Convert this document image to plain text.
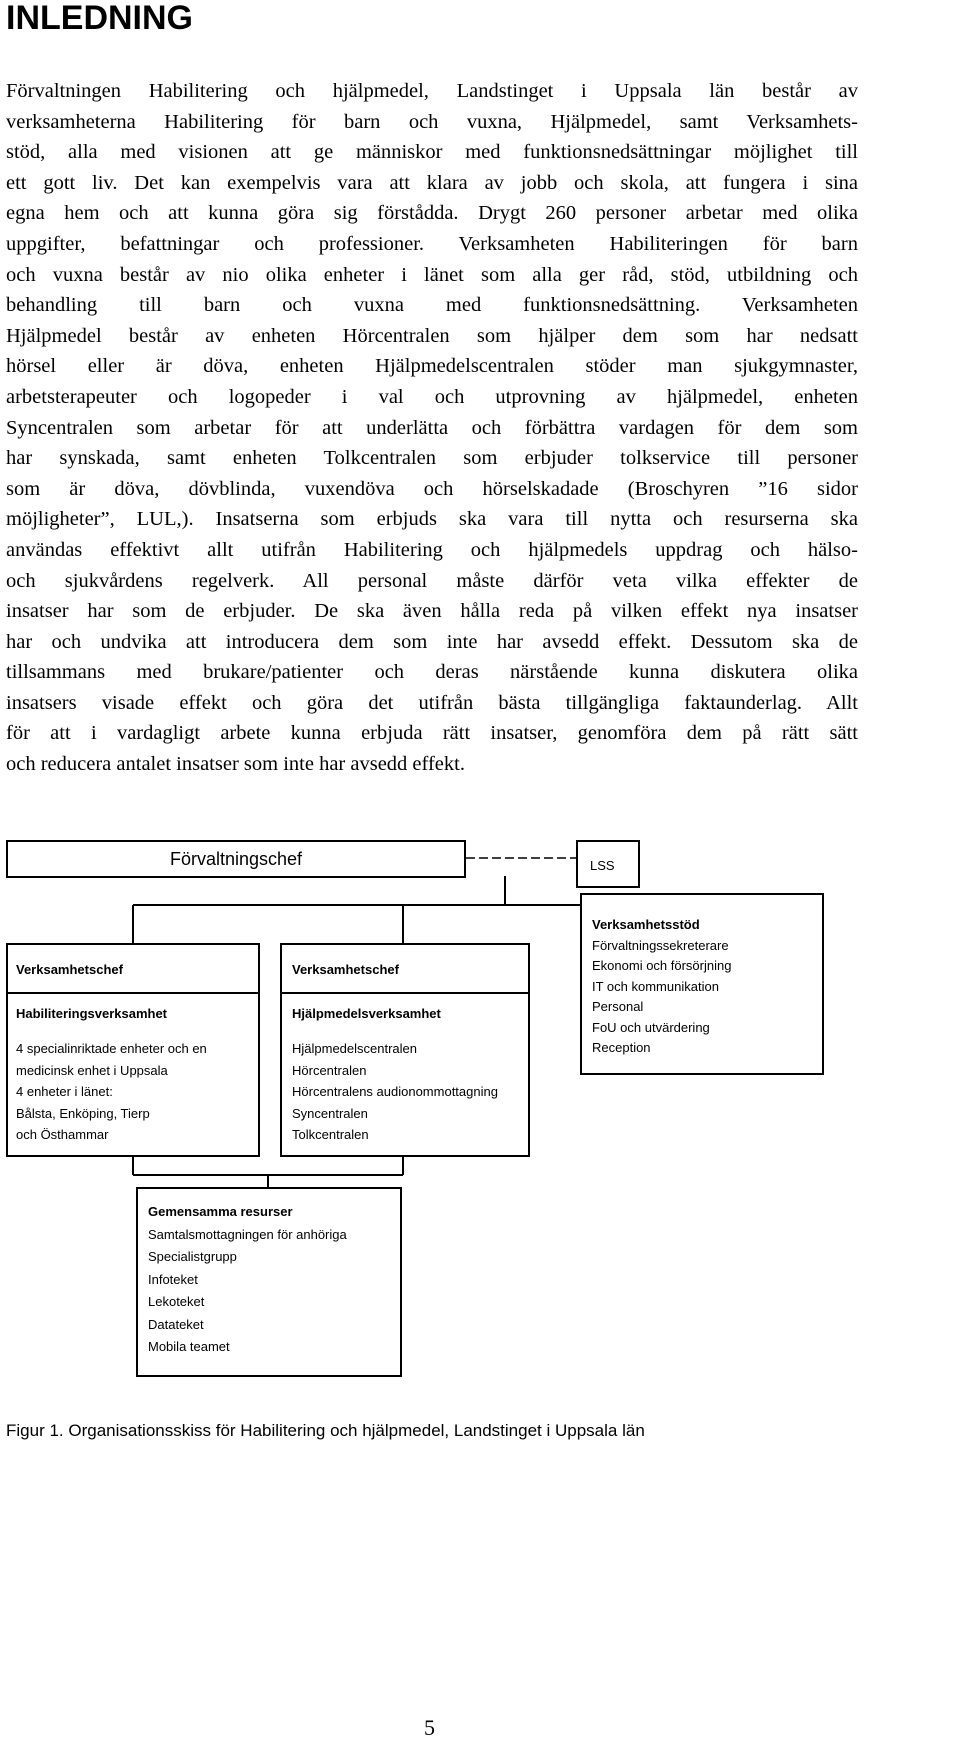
INLEDNING
Förvaltningen Habilitering och hjälpmedel, Landstinget i Uppsala län består av
verksamheterna Habilitering för barn och vuxna, Hjälpmedel, samt Verksamhets-
stöd, alla med visionen att ge människor med funktionsnedsättningar möjlighet till
ett gott liv. Det kan exempelvis vara att klara av jobb och skola, att fungera i sina
egna hem och att kunna göra sig förstådda. Drygt 260 personer arbetar med olika
uppgifter, befattningar och professioner. Verksamheten Habiliteringen för barn
och vuxna består av nio olika enheter i länet som alla ger råd, stöd, utbildning och
behandling till barn och vuxna med funktionsnedsättning. Verksamheten
Hjälpmedel består av enheten Hörcentralen som hjälper dem som har nedsatt
hörsel eller är döva, enheten Hjälpmedelscentralen stöder man sjukgymnaster,
arbetsterapeuter och logopeder i val och utprovning av hjälpmedel, enheten
Syncentralen som arbetar för att underlätta och förbättra vardagen för dem som
har synskada, samt enheten Tolkcentralen som erbjuder tolkservice till personer
som är döva, dövblinda, vuxendöva och hörselskadade (Broschyren ”16 sidor
möjligheter”, LUL,). Insatserna som erbjuds ska vara till nytta och resurserna ska
användas effektivt allt utifrån Habilitering och hjälpmedels uppdrag och hälso-
och sjukvårdens regelverk. All personal måste därför veta vilka effekter de
insatser har som de erbjuder. De ska även hålla reda på vilken effekt nya insatser
har och undvika att introducera dem som inte har avsedd effekt. Dessutom ska de
tillsammans med brukare/patienter och deras närstående kunna diskutera olika
insatsers visade effekt och göra det utifrån bästa tillgängliga faktaunderlag. Allt
för att i vardagligt arbete kunna erbjuda rätt insatser, genomföra dem på rätt sätt
och reducera antalet insatser som inte har avsedd effekt.
Förvaltningschef	LSS
Verksamhetsstöd
Förvaltningssekreterare
Ekonomi och försörjning
IT och kommunikation
Personal
FoU och utvärdering
Reception
Verksamhetschef
Habiliteringsverksamhet
4 specialinriktade enheter och en
medicinsk enhet i Uppsala
4 enheter i länet:
Bålsta, Enköping, Tierp
och Östhammar
Verksamhetschef
Hjälpmedelsverksamhet
Hjälpmedelscentralen
Hörcentralen
Hörcentralens audionommottagning
Syncentralen
Tolkcentralen
Gemensamma resurser
Samtalsmottagningen för anhöriga
Specialistgrupp
Infoteket
Lekoteket
Datateket
Mobila teamet

Figur 1. Organisationsskiss för Habilitering och hjälpmedel, Landstinget i Uppsala län

5
